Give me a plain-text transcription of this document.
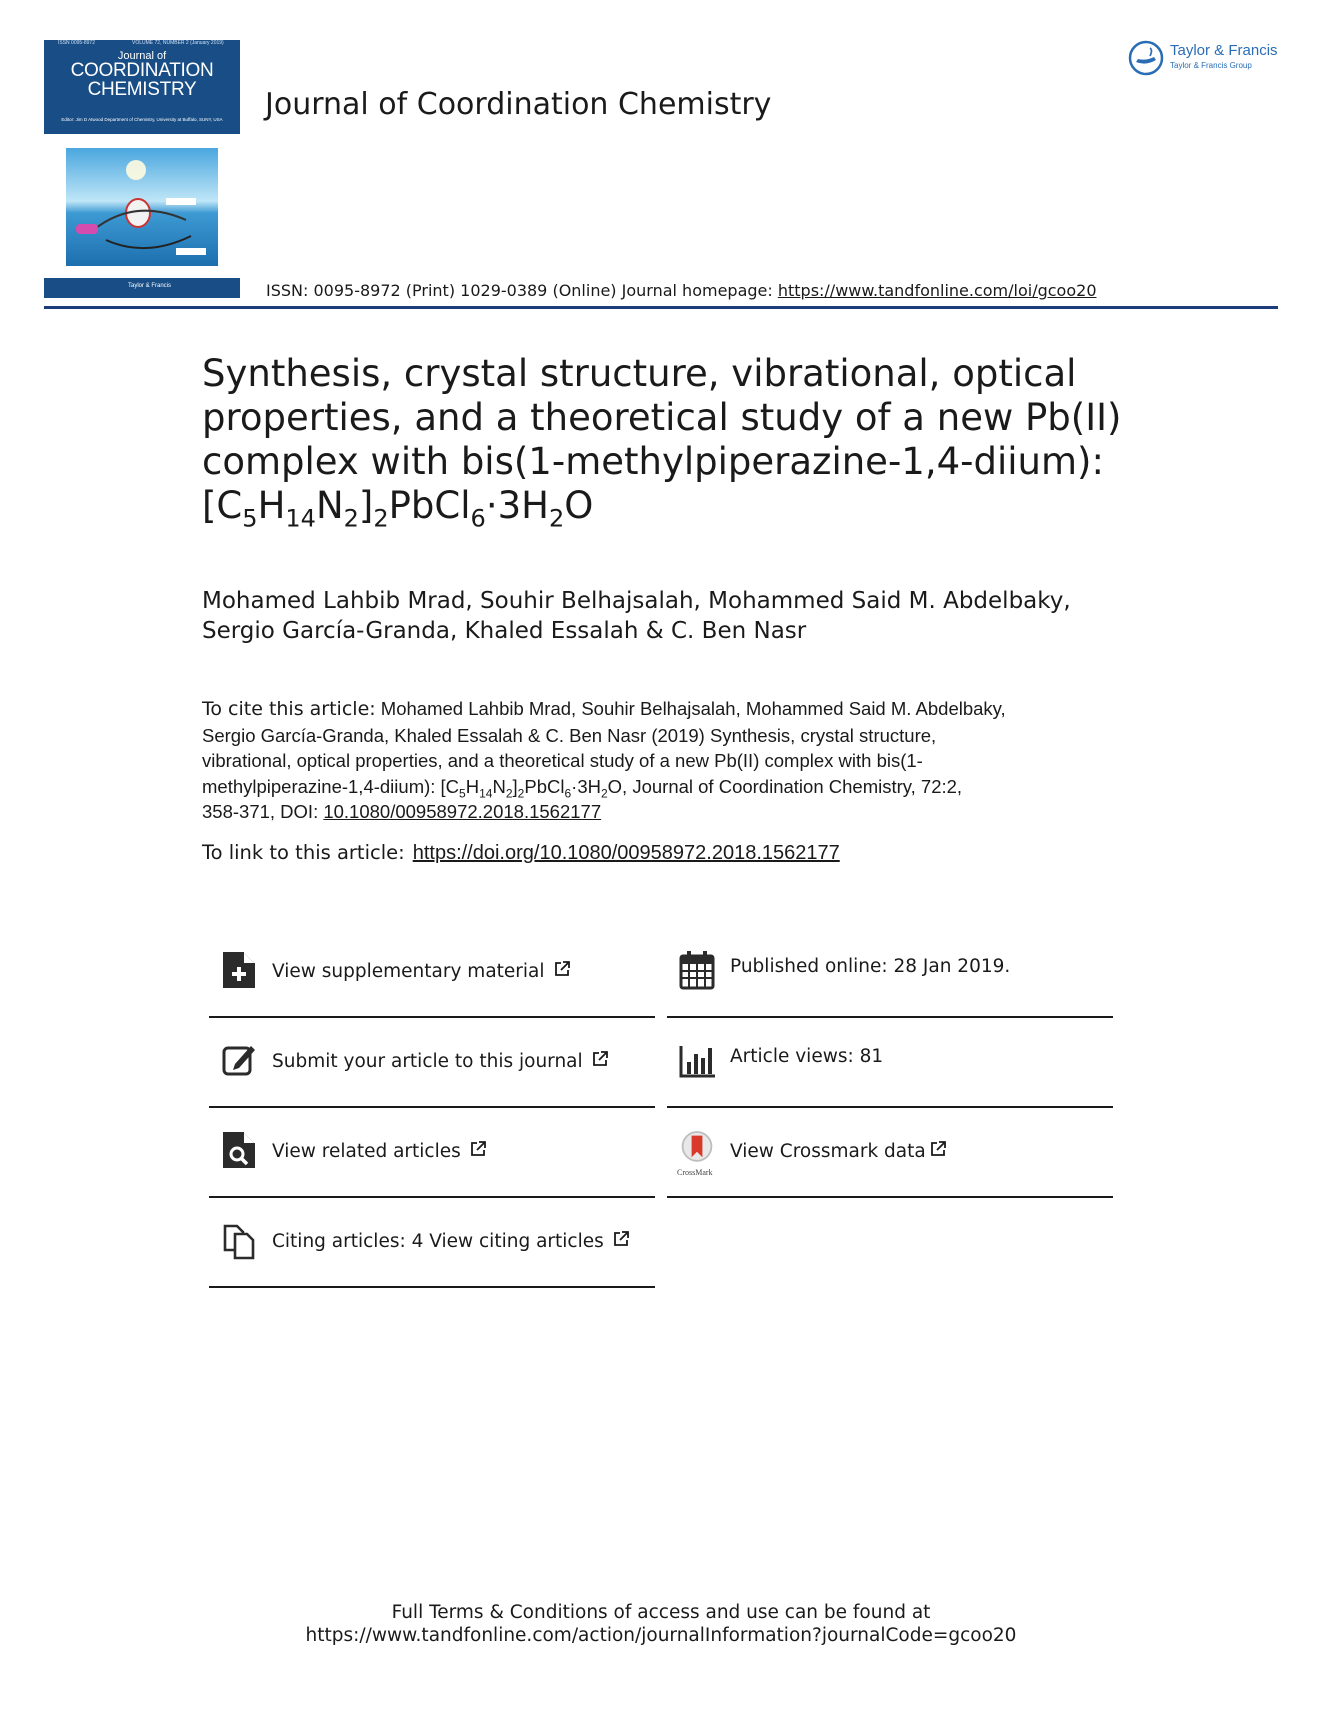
ISSN 0095-8972	VOLUME 72, NUMBER 2 (January 2019)
Journal of
COORDINATION
CHEMISTRY
Editor: Jim D Atwood Department of Chemistry, University at Buffalo, SUNY, USA
Taylor & Francis
Journal of Coordination Chemistry
Taylor & Francis
Taylor & Francis Group
ISSN: 0095-8972 (Print) 1029-0389 (Online) Journal homepage: https://www.tandfonline.com/loi/gcoo20
Synthesis, crystal structure, vibrational, optical
properties, and a theoretical study of a new Pb(II)
complex with bis(1-methylpiperazine-1,4-diium):
$[C_5H_{14}N_2]_2PbCl_6\cdot 3H_2O$
Mohamed Lahbib Mrad, Souhir Belhajsalah, Mohammed Said M. Abdelbaky,
Sergio García-Granda, Khaled Essalah & C. Ben Nasr
To cite this article: Mohamed Lahbib Mrad, Souhir Belhajsalah, Mohammed Said M. Abdelbaky,
Sergio García-Granda, Khaled Essalah & C. Ben Nasr (2019) Synthesis, crystal structure,
vibrational, optical properties, and a theoretical study of a new Pb(II) complex with bis(1-
methylpiperazine-1,4-diium): $[C_5H_{14}N_2]_2PbCl_6\cdot 3H_2O$, Journal of Coordination Chemistry, 72:2,
358-371, DOI: 10.1080/00958972.2018.1562177
To link to this article: https://doi.org/10.1080/00958972.2018.1562177
View supplementary material
Submit your article to this journal
View related articles
Citing articles: 4 View citing articles
Published online: 28 Jan 2019.
Article views: 81
CrossMark
View Crossmark data
Full Terms & Conditions of access and use can be found at
https://www.tandfonline.com/action/journalInformation?journalCode=gcoo20
